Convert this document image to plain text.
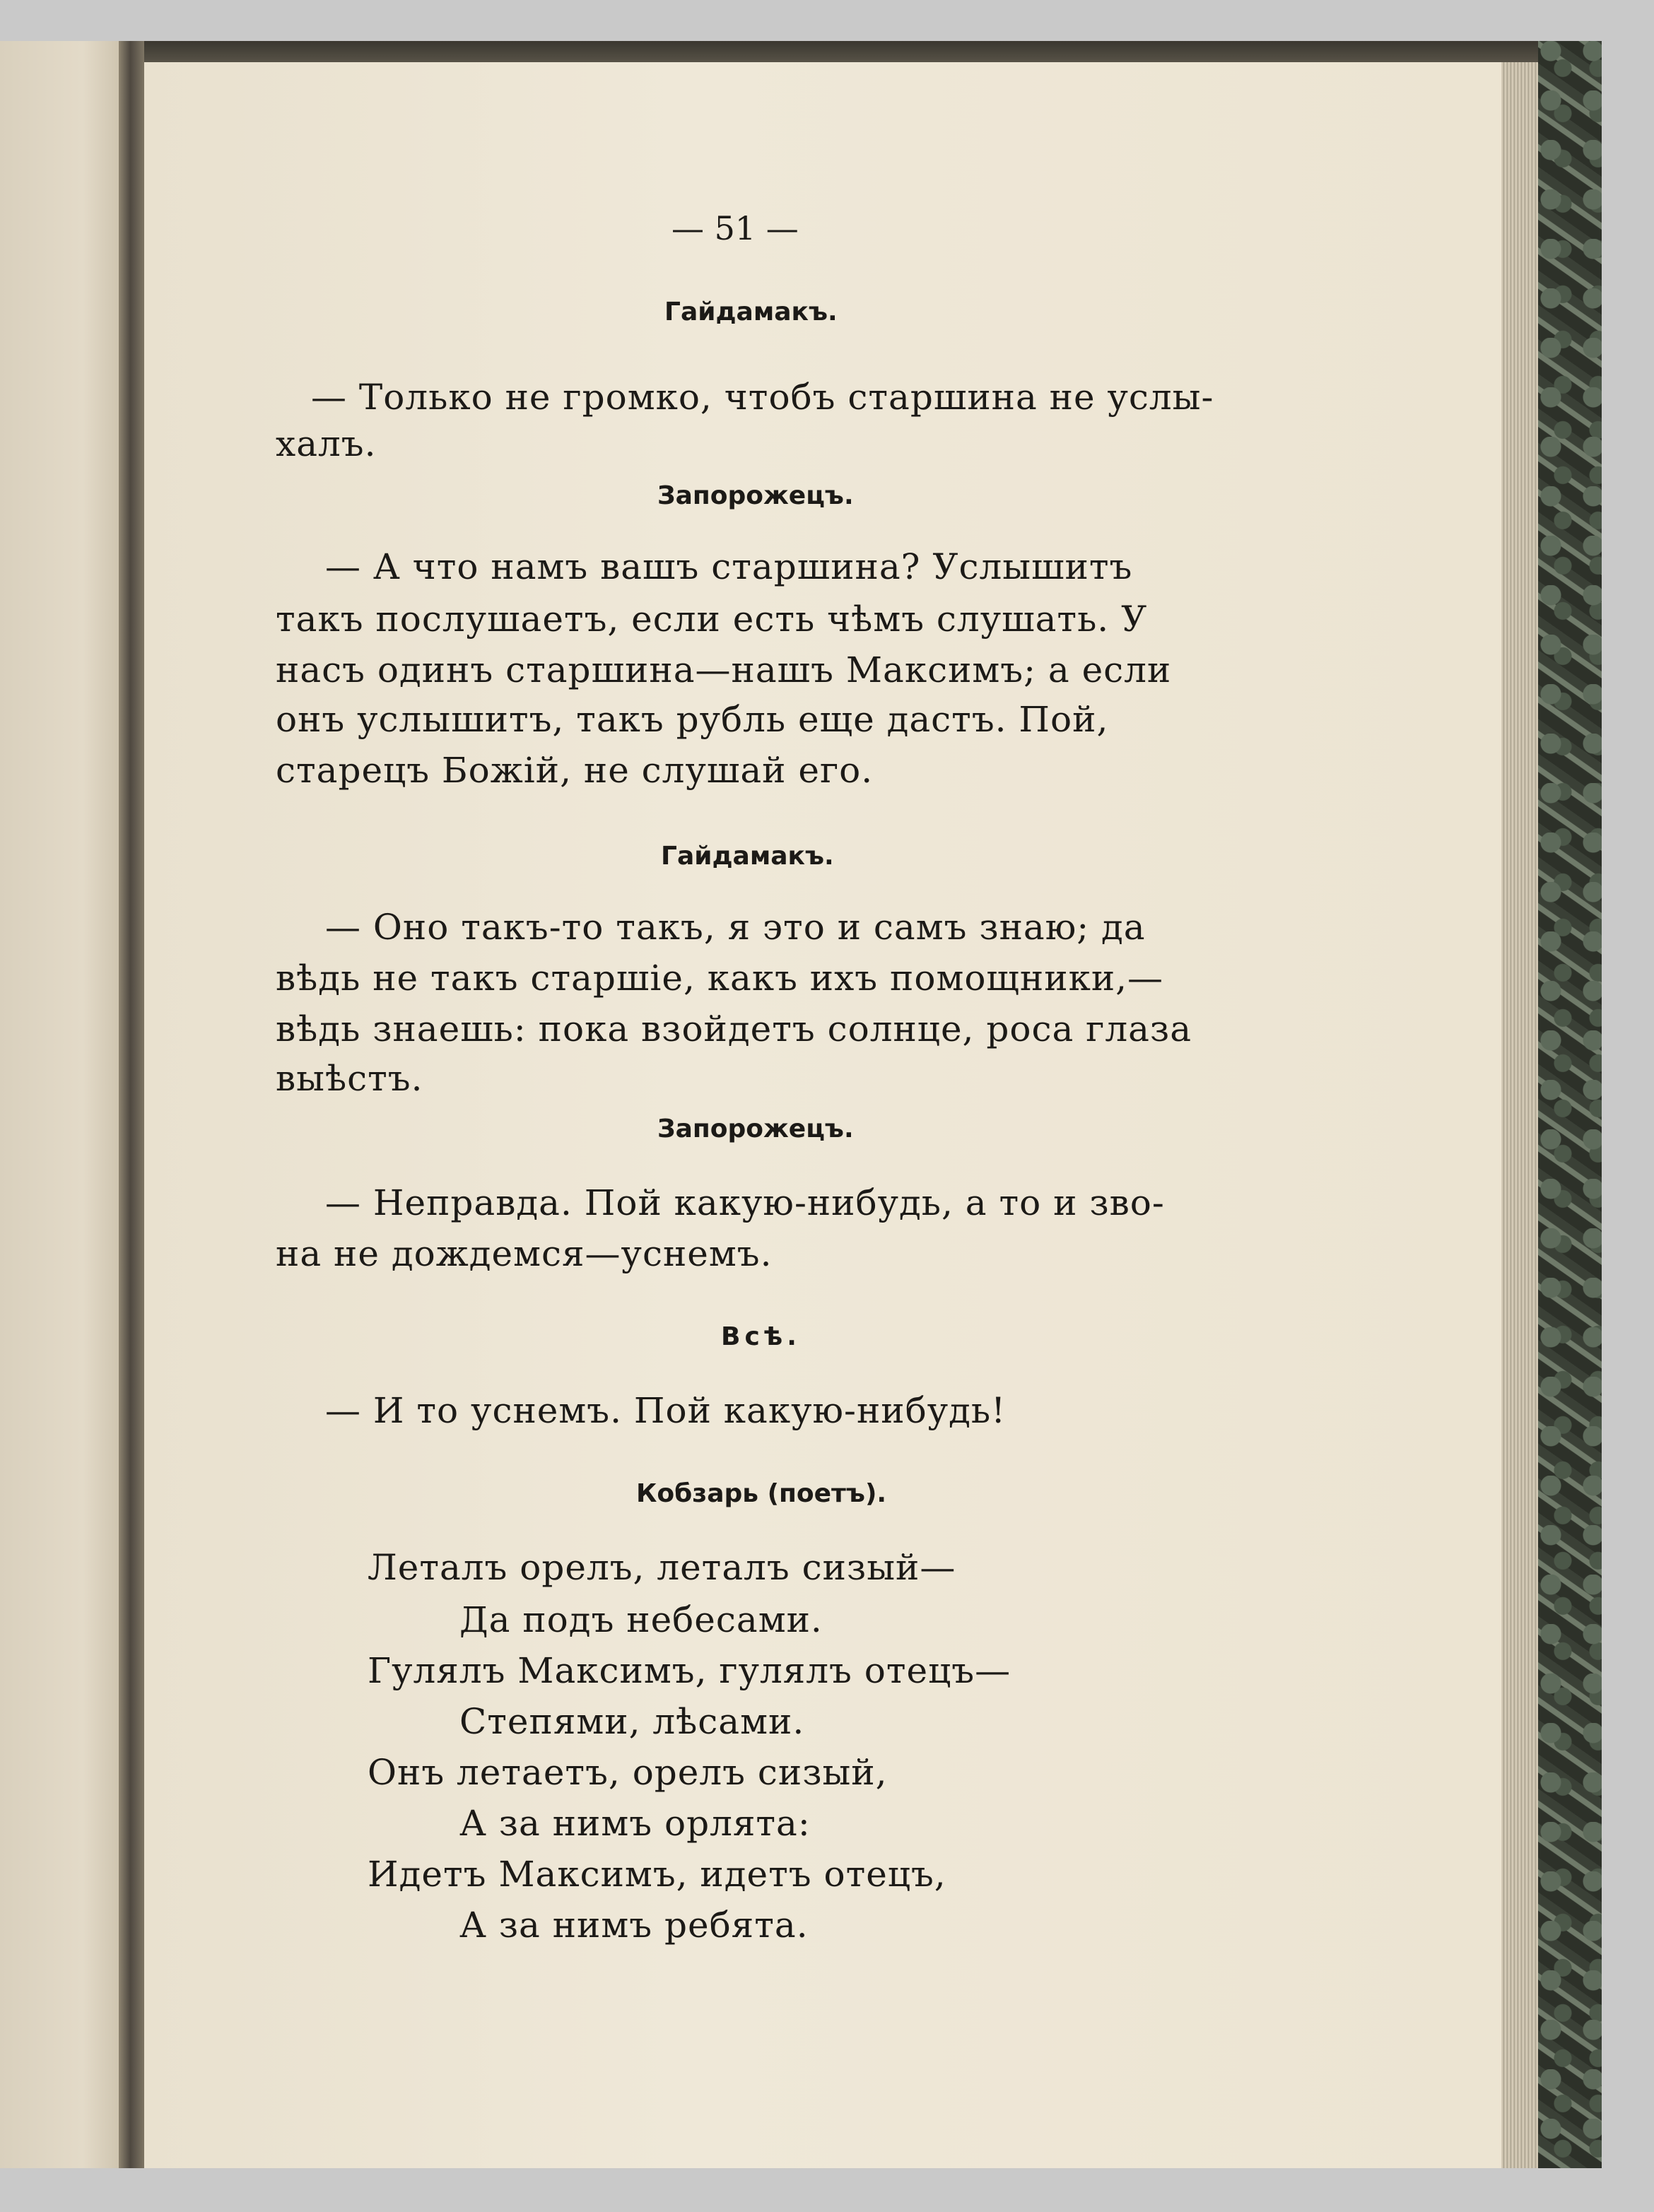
— 51 —
Гайдамакъ.
— Только не громко, чтобъ старшина не услы-
халъ.
Запорожецъ.
— А что намъ вашъ старшина? Услышитъ
такъ послушаетъ, если есть чѣмъ слушать. У
насъ одинъ старшина—нашъ Максимъ; а если
онъ услышитъ, такъ рубль еще дастъ. Пой,
старецъ Божій, не слушай его.
Гайдамакъ.
— Оно такъ-то такъ, я это и самъ знаю; да
вѣдь не такъ старшіе, какъ ихъ помощники,—
вѣдь знаешь: пока взойдетъ солнце, роса глаза
выѣстъ.
Запорожецъ.
— Неправда. Пой какую-нибудь, а то и зво-
на не дождемся—уснемъ.
Всѣ.
— И то уснемъ. Пой какую-нибудь!
Кобзарь (поетъ).
Леталъ орелъ, леталъ сизый—
Да подъ небесами.
Гулялъ Максимъ, гулялъ отецъ—
Степями, лѣсами.
Онъ летаетъ, орелъ сизый,
А за нимъ орлята:
Идетъ Максимъ, идетъ отецъ,
А за нимъ ребята.
